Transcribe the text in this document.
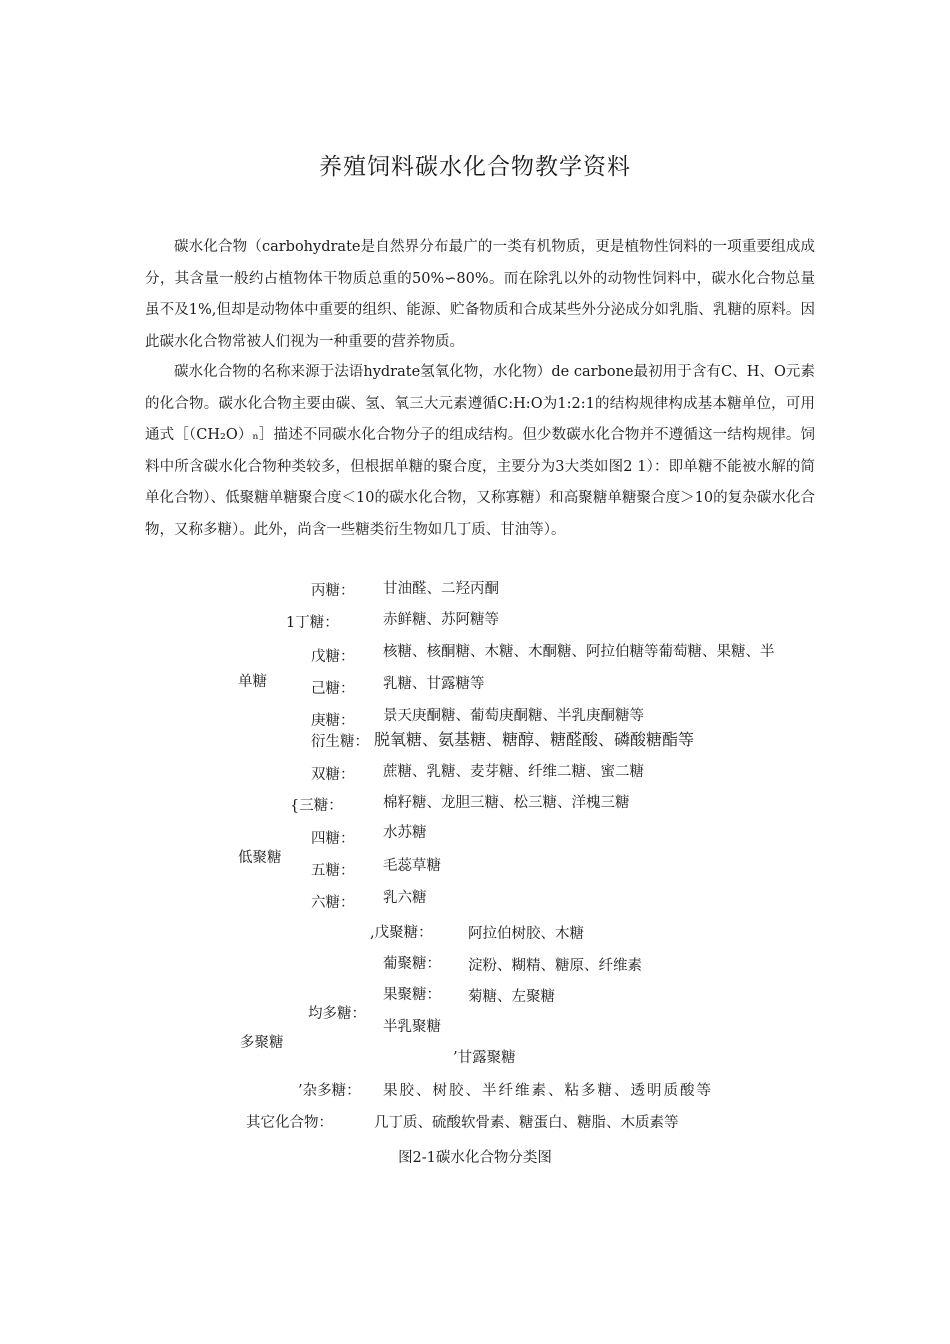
养殖饲料碳水化合物教学资料
碳水化合物（carbohydrate是自然界分布最广的一类有机物质，更是植物性饲料的一项重要组成成分，其含量一般约占植物体干物质总重的50%∽80%。而在除乳以外的动物性饲料中，碳水化合物总量虽不及1%,但却是动物体中重要的组织、能源、贮备物质和合成某些外分泌成分如乳脂、乳糖的原料。因此碳水化合物常被人们视为一种重要的营养物质。
碳水化合物的名称来源于法语hydrate氢氧化物，水化物）de carbone最初用于含有C、H、O元素的化合物。碳水化合物主要由碳、氢、氧三大元素遵循C:H:O为1:2:1的结构规律构成基本糖单位，可用通式［（CH₂O）ₙ］描述不同碳水化合物分子的组成结构。但少数碳水化合物并不遵循这一结构规律。饲料中所含碳水化合物种类较多，但根据单糖的聚合度，主要分为3大类如图2 1）：即单糖不能被水解的简单化合物）、低聚糖单糖聚合度＜10的碳水化合物，又称寡糖）和高聚糖单糖聚合度＞10的复杂碳水化合物，又称多糖）。此外，尚含一些糖类衍生物如几丁质、甘油等）。
单糖
丙糖： 甘油醛、二羟丙酮
1丁糖：	赤鲜糖、苏阿糖等
戊糖： 核糖、核酮糖、木糖、木酮糖、阿拉伯糖等葡萄糖、果糖、半
己糖： 乳糖、甘露糖等
庚糖： 景天庚酮糖、葡萄庚酮糖、半乳庚酮糖等
衍生糖： 脱氧糖、氨基糖、糖醇、糖醛酸、磷酸糖酯等
低聚糖
双糖： 蔗糖、乳糖、麦芽糖、纤维二糖、蜜二糖
{三糖：	棉籽糖、龙胆三糖、松三糖、洋槐三糖
四糖： 水苏糖
五糖： 毛蕊草糖
六糖： 乳六糖
多聚糖
均多糖：
,戊聚糖： 阿拉伯树胶、木糖
葡聚糖： 淀粉、糊精、糖原、纤维素
果聚糖： 菊糖、左聚糖
半乳聚糖
’甘露聚糖
’杂多糖： 果胶、树胶、半纤维素、粘多糖、透明质酸等
其它化合物：	几丁质、硫酸软骨素、糖蛋白、糖脂、木质素等
图2-1碳水化合物分类图
